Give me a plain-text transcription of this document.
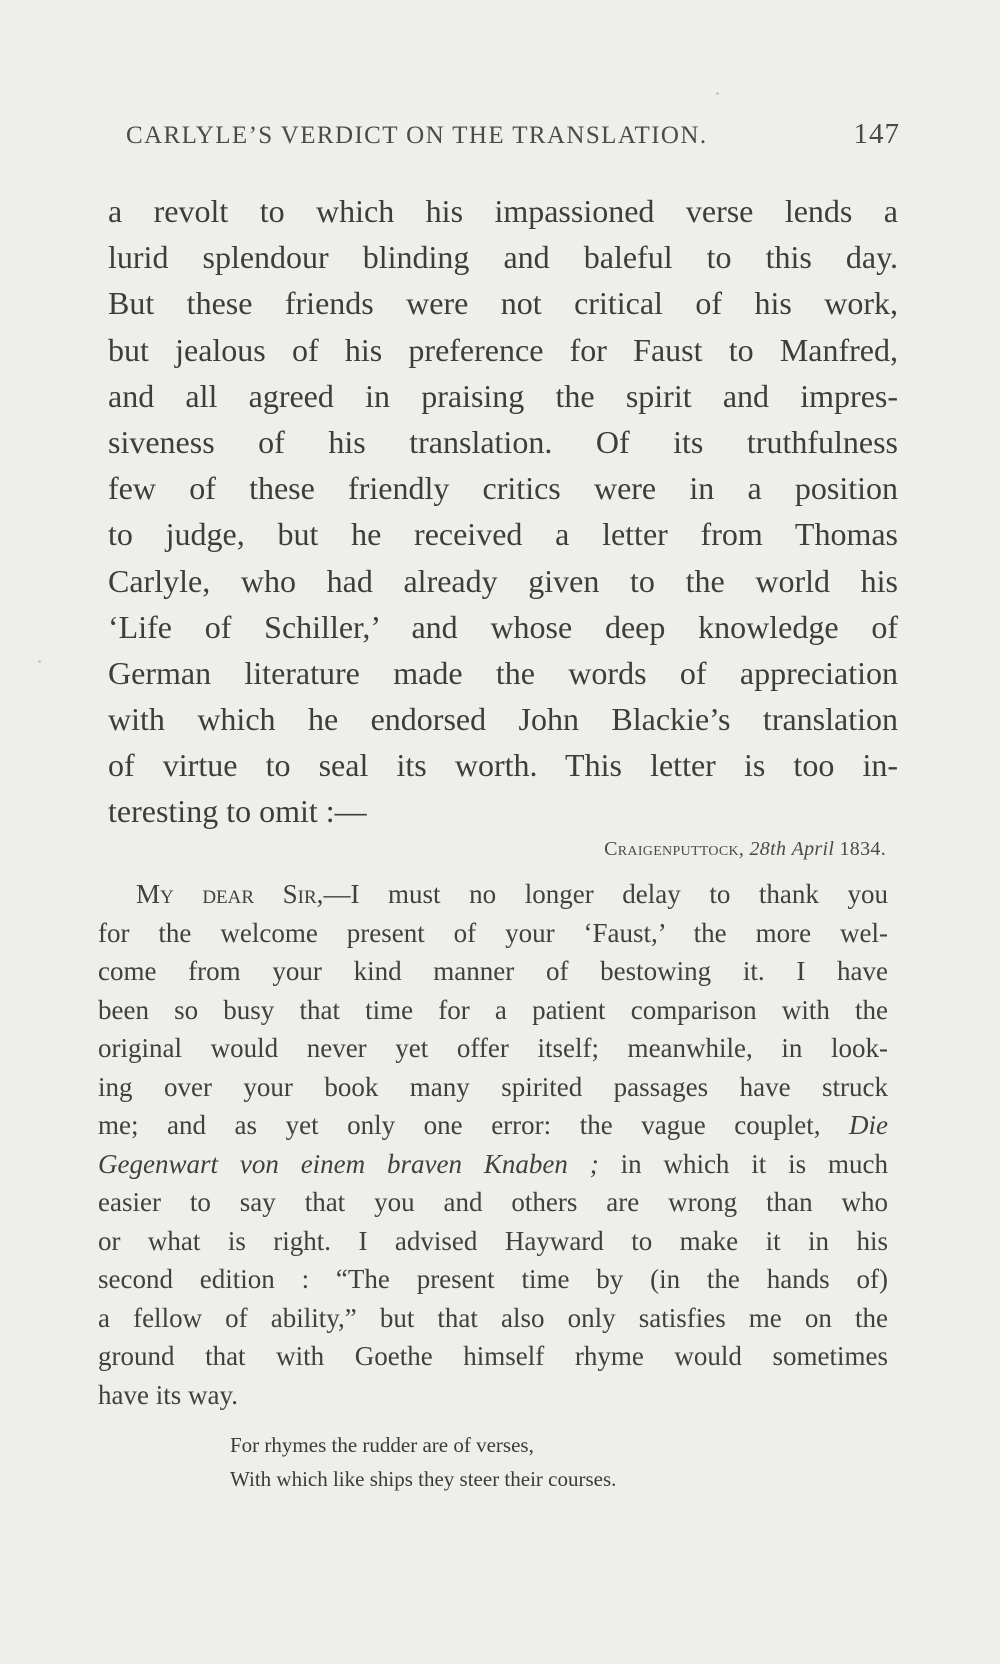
CARLYLE’S VERDICT ON THE TRANSLATION.	147
a revolt to which his impassioned verse lends a
lurid splendour blinding and baleful to this day.
But these friends were not critical of his work,
but jealous of his preference for Faust to Manfred,
and all agreed in praising the spirit and impres-
siveness of his translation. Of its truthfulness
few of these friendly critics were in a position
to judge, but he received a letter from Thomas
Carlyle, who had already given to the world his
‘Life of Schiller,’ and whose deep knowledge of
German literature made the words of appreciation
with which he endorsed John Blackie’s translation
of virtue to seal its worth. This letter is too in-
teresting to omit :—
Craigenputtock, 28th April 1834.
My dear Sir,—I must no longer delay to thank you
for the welcome present of your ‘Faust,’ the more wel-
come from your kind manner of bestowing it. I have
been so busy that time for a patient comparison with the
original would never yet offer itself; meanwhile, in look-
ing over your book many spirited passages have struck
me; and as yet only one error: the vague couplet, Die
Gegenwart von einem braven Knaben ; in which it is much
easier to say that you and others are wrong than who
or what is right. I advised Hayward to make it in his
second edition : “The present time by (in the hands of)
a fellow of ability,” but that also only satisfies me on the
ground that with Goethe himself rhyme would sometimes
have its way.
For rhymes the rudder are of verses,
With which like ships they steer their courses.
